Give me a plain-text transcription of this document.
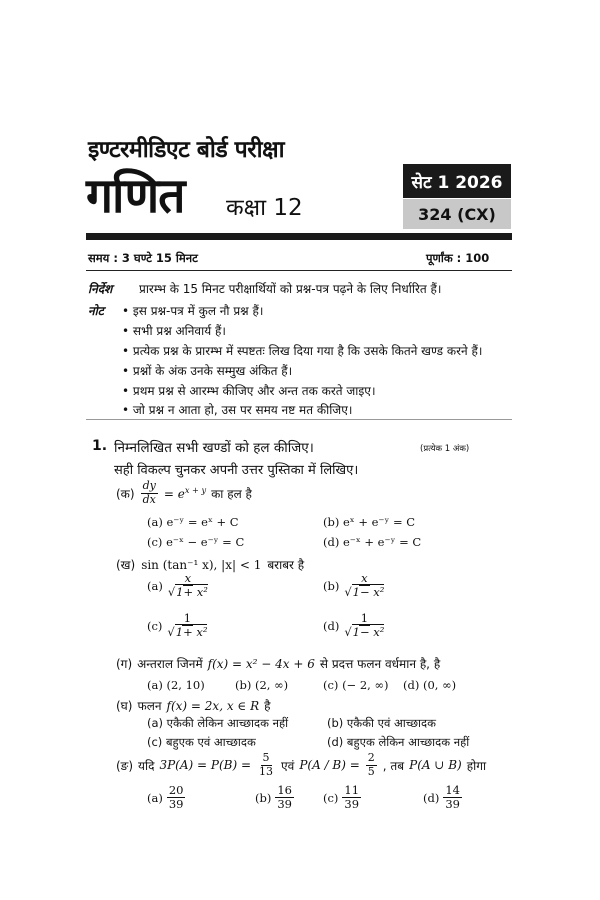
इण्टरमीडिएट बोर्ड परीक्षा
गणित कक्षा 12
सेट 1 2026
324 (CX)
समय : 3 घण्टे 15 मिनट	पूर्णांक : 100
निर्देश प्रारम्भ के 15 मिनट परीक्षार्थियों को प्रश्न-पत्र पढ़ने के लिए निर्धारित हैं।
नोट • इस प्रश्न-पत्र में कुल नौ प्रश्न हैं।
• सभी प्रश्न अनिवार्य हैं।
• प्रत्येक प्रश्न के प्रारम्भ में स्पष्टतः लिख दिया गया है कि उसके कितने खण्ड करने हैं।
• प्रश्नों के अंक उनके सम्मुख अंकित हैं।
• प्रथम प्रश्न से आरम्भ कीजिए और अन्त तक करते जाइए।
• जो प्रश्न न आता हो, उस पर समय नष्ट मत कीजिए।
1. निम्नलिखित सभी खण्डों को हल कीजिए।	(प्रत्येक 1 अंक)
सही विकल्प चुनकर अपनी उत्तर पुस्तिका में लिखिए।
(क) $\frac{dy}{dx} = e^{x + y}$ का हल है
(a) e⁻ʸ = eˣ + C	(b) eˣ + e⁻ʸ = C
(c) e⁻ˣ − e⁻ʸ = C	(d) e⁻ˣ + e⁻ʸ = C
(ख) sin (tan⁻¹ x), |x| < 1 बराबर है
$(a) \frac{x}{\text{√1+ x²}}$	$(b) \frac{x}{\text{√1− x²}}$
$(c) \frac{1}{\text{√1+ x²}}$	$(d) \frac{1}{\text{√1− x²}}$
(ग) अन्तराल जिनमें f(x) = x² − 4x + 6 से प्रदत्त फलन वर्धमान है, है
(a) (2, 10)	(b) (2, ∞)	(c) (− 2, ∞) (d) (0, ∞)
(घ) फलन f(x) = 2x, x ∈ R है
(a) एकैकी लेकिन आच्छादक नहीं	(b) एकैकी एवं आच्छादक
(c) बहुएक एवं आच्छादक	(d) बहुएक लेकिन आच्छादक नहीं
(ङ) यदि $3P(A) = P(B) = \frac{5}{13}$ एवं $P(A / B) = \frac{2}{5}$ , तब P(A ∪ B) होगा
$(a) \frac{20}{39}$	$(b) \frac{16}{39}$	$(c) \frac{11}{39}$	$(d) \frac{14}{39}$
